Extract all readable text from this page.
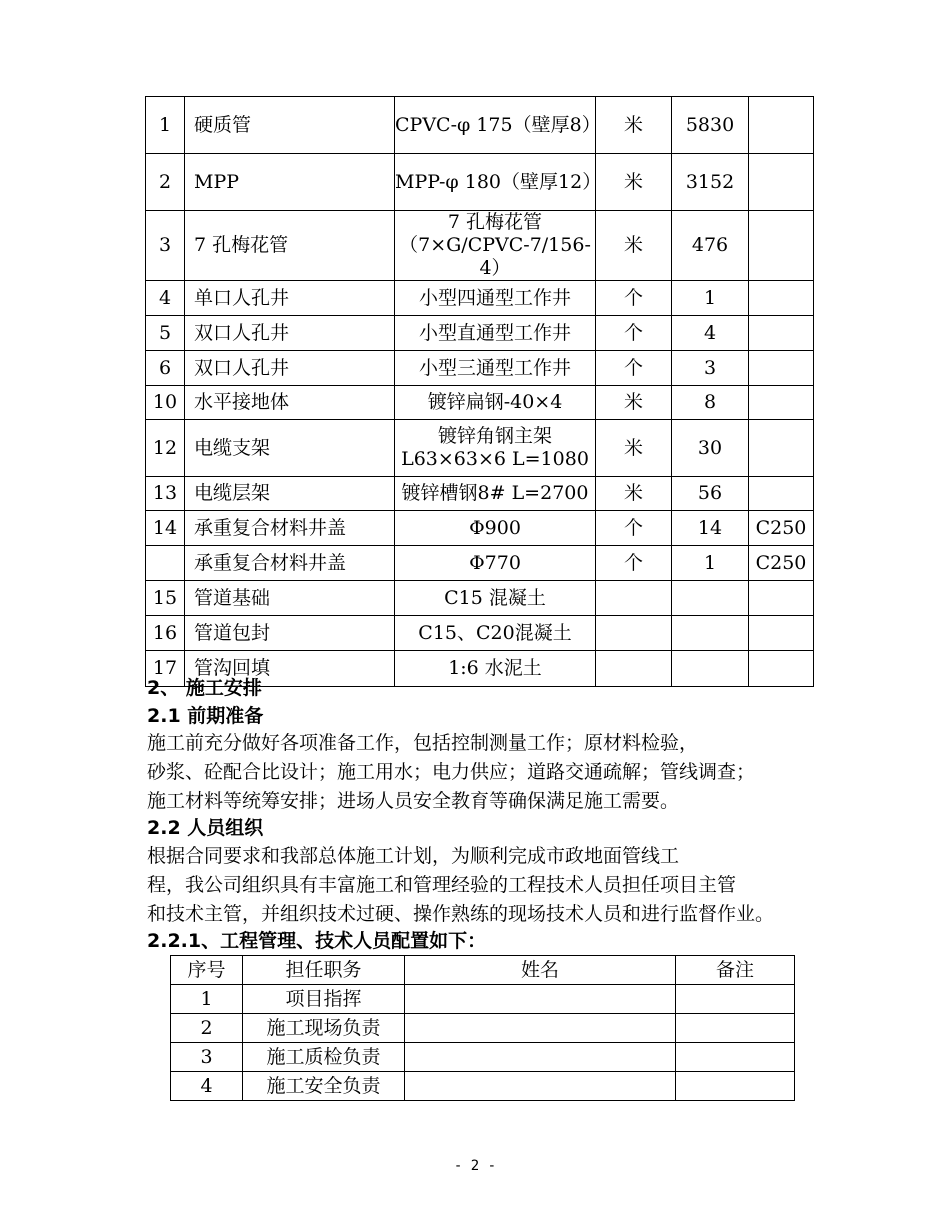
1	硬质管	CPVC-φ 175（壁厚8）	米	5830	
2	MPP	MPP-φ 180（壁厚12）	米	3152	
3	7 孔梅花管	7 孔梅花管（7×G/CPVC-7/156-4）	米	476	
4	单口人孔井	小型四通型工作井	个	1	
5	双口人孔井	小型直通型工作井	个	4	
6	双口人孔井	小型三通型工作井	个	3	
10	水平接地体	镀锌扁钢-40×4	米	8	
12	电缆支架	镀锌角钢主架L63×63×6 L=1080	米	30	
13	电缆层架	镀锌槽钢8# L=2700	米	56	
14	承重复合材料井盖	Φ900	个	14	C250
	承重复合材料井盖	Φ770	个	1	C250
15	管道基础	C15 混凝土			
16	管道包封	C15、C20混凝土			
17	管沟回填	1:6 水泥土			
2、 施工安排
2.1 前期准备
施工前充分做好各项准备工作，包括控制测量工作；原材料检验，
砂浆、砼配合比设计；施工用水；电力供应；道路交通疏解；管线调查；
施工材料等统筹安排；进场人员安全教育等确保满足施工需要。
2.2 人员组织
根据合同要求和我部总体施工计划，为顺利完成市政地面管线工
程，我公司组织具有丰富施工和管理经验的工程技术人员担任项目主管
和技术主管，并组织技术过硬、操作熟练的现场技术人员和进行监督作业。
2.2.1、工程管理、技术人员配置如下：
序号	担任职务	姓名	备注
1	项目指挥		
2	施工现场负责		
3	施工质检负责		
4	施工安全负责		
- 2 -
